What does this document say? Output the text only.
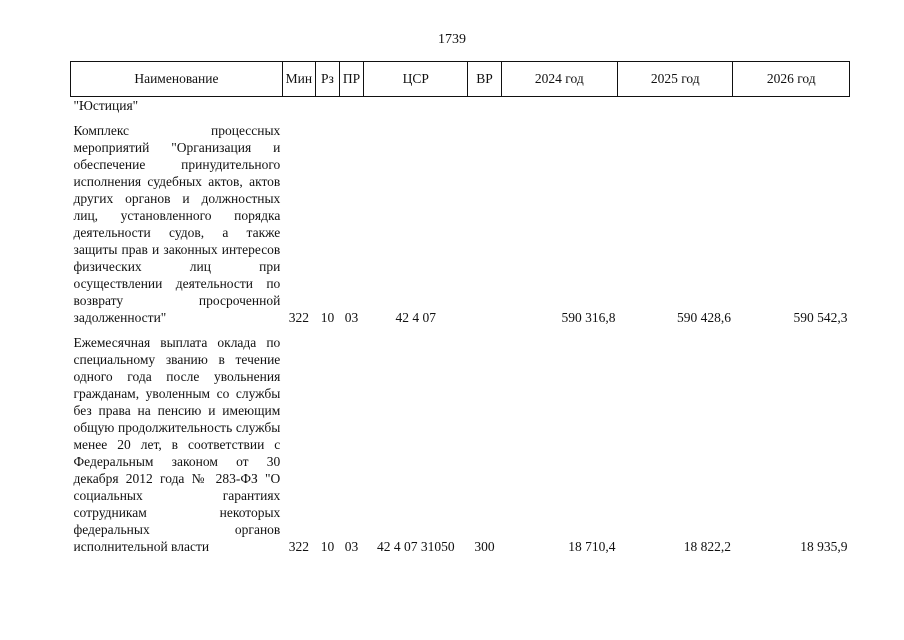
1739
Наименование	Мин	Рз	ПР	ЦСР	ВР	2024 год	2025 год	2026 год
"Юстиция"								

Комплекс процессных мероприятий "Организация и обеспечение принудительного исполнения судебных актов, актов других органов и должностных лиц, установленного порядка деятельности судов, а также защиты прав и законных интересов физических лиц при осуществлении деятельности по возврату просроченной задолженности"	322	10	03	42 4 07		590 316,8	590 428,6	590 542,3

Ежемесячная выплата оклада по специальному званию в течение одного года после увольнения гражданам, уволенным со службы без права на пенсию и имеющим общую продолжительность службы менее 20 лет, в соответствии с Федеральным законом от 30 декабря 2012 года № 283-ФЗ "О социальных гарантиях сотрудникам некоторых федеральных органов исполнительной власти	322	10	03	42 4 07 31050	300	18 710,4	18 822,2	18 935,9
